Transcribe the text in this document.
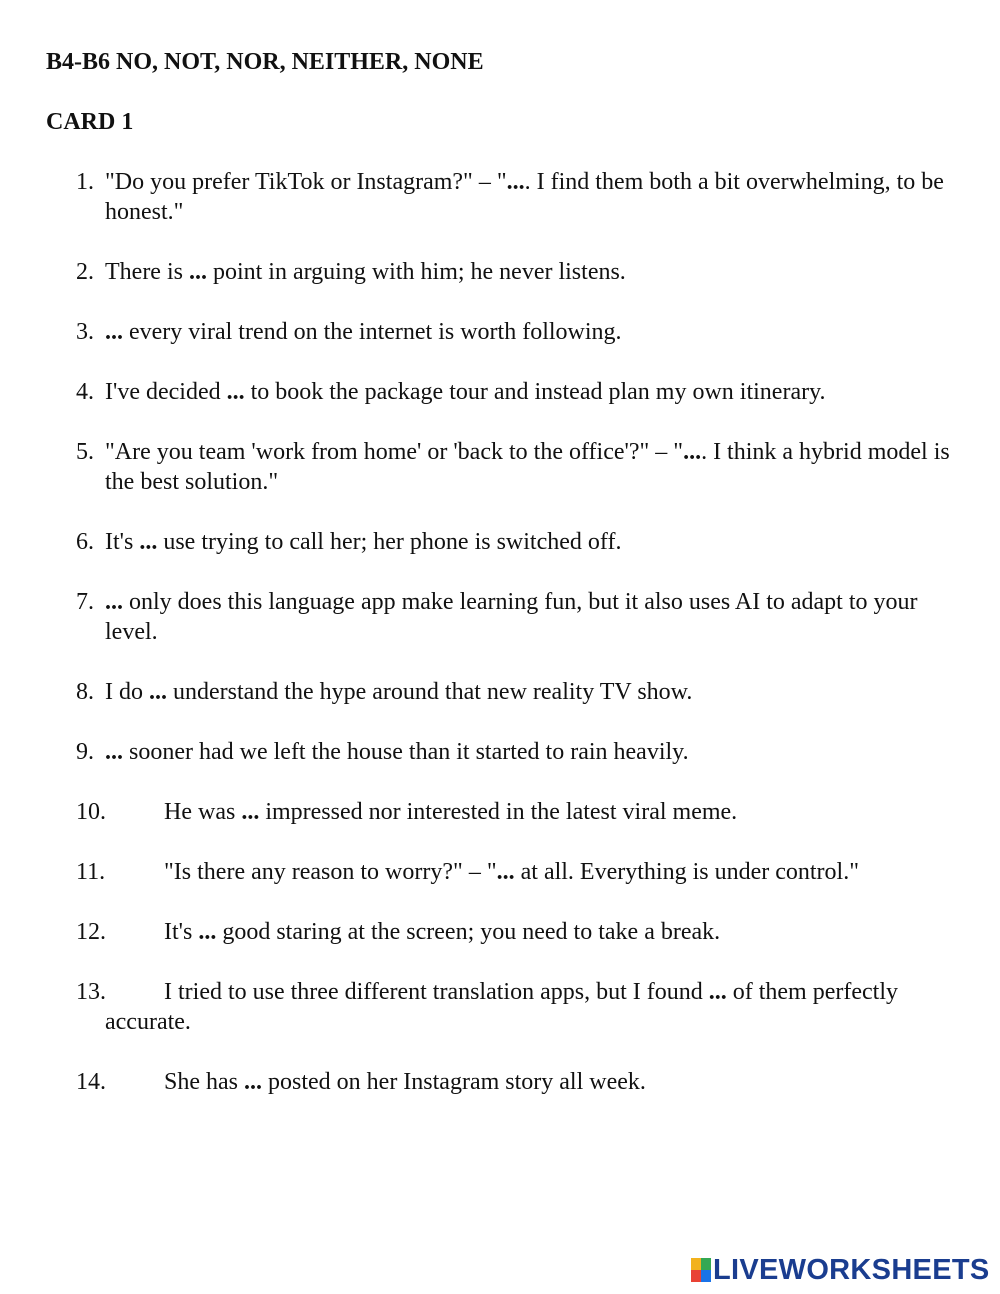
B4-B6 NO, NOT, NOR, NEITHER, NONE
CARD 1
1. "Do you prefer TikTok or Instagram?" – ".... I find them both a bit overwhelming, to be honest."
2. There is ... point in arguing with him; he never listens.
3. ... every viral trend on the internet is worth following.
4. I've decided ... to book the package tour and instead plan my own itinerary.
5. "Are you team 'work from home' or 'back to the office'?" – ".... I think a hybrid model is the best solution."
6. It's ... use trying to call her; her phone is switched off.
7. ... only does this language app make learning fun, but it also uses AI to adapt to your level.
8. I do ... understand the hype around that new reality TV show.
9. ... sooner had we left the house than it started to rain heavily.
10.	He was ... impressed nor interested in the latest viral meme.
11.	"Is there any reason to worry?" – "... at all. Everything is under control."
12.	It's ... good staring at the screen; you need to take a break.
13.	I tried to use three different translation apps, but I found ... of them perfectly accurate.
14.	She has ... posted on her Instagram story all week.
LIVEWORKSHEETS
